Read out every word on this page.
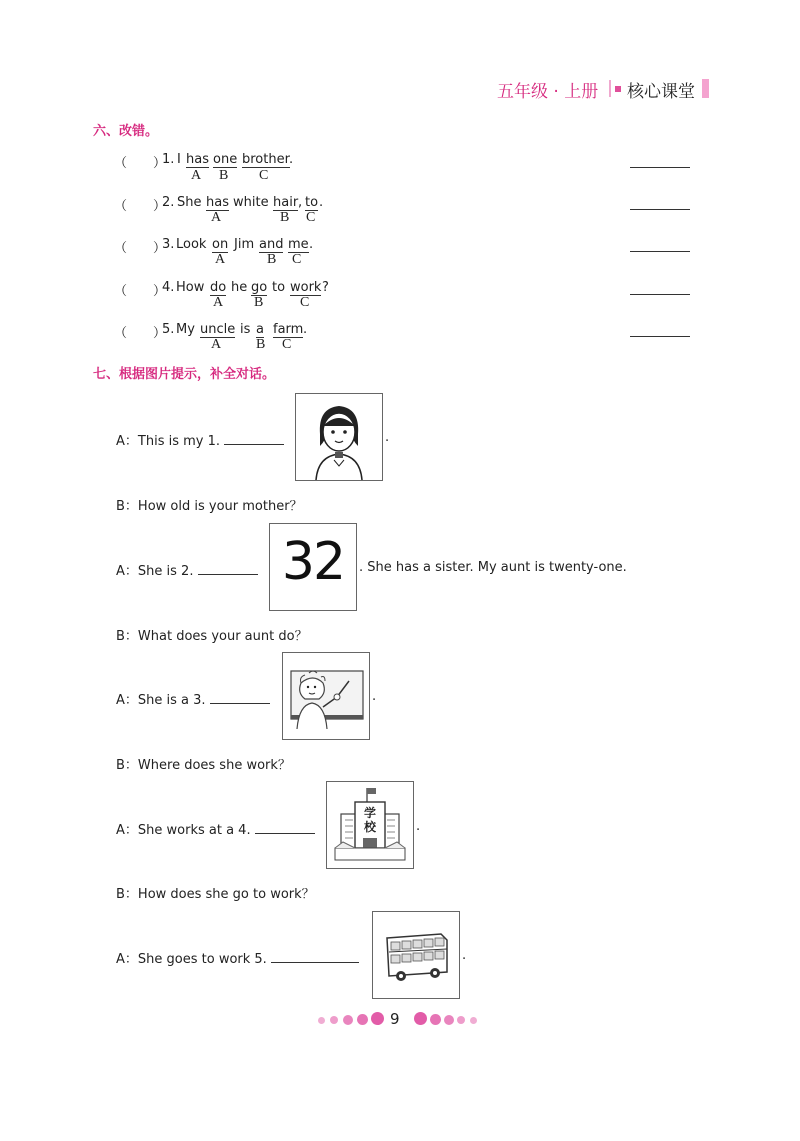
五年级 · 上册 核心课堂
六、改错。
（　　）
1. I has one brother .
A B C
（　　）
2. She has white hair , to .
A	B C
（　　）
3. Look on Jim and me .
A	B C
（　　）
4. How do he go to work ?
A B	C
（　　）
5. My uncle is a farm .
A B C
七、根据图片提示，补全对话。
A：This is my 1.	.
B：How old is your mother？
A：She is 2.	32	. She has a sister. My aunt is twenty-one.
B：What does your aunt do？
A：She is a 3.	.
B：Where does she work？
A：She works at a 4.
学校	.
B：How does she go to work？
A：She goes to work 5.	.
9
